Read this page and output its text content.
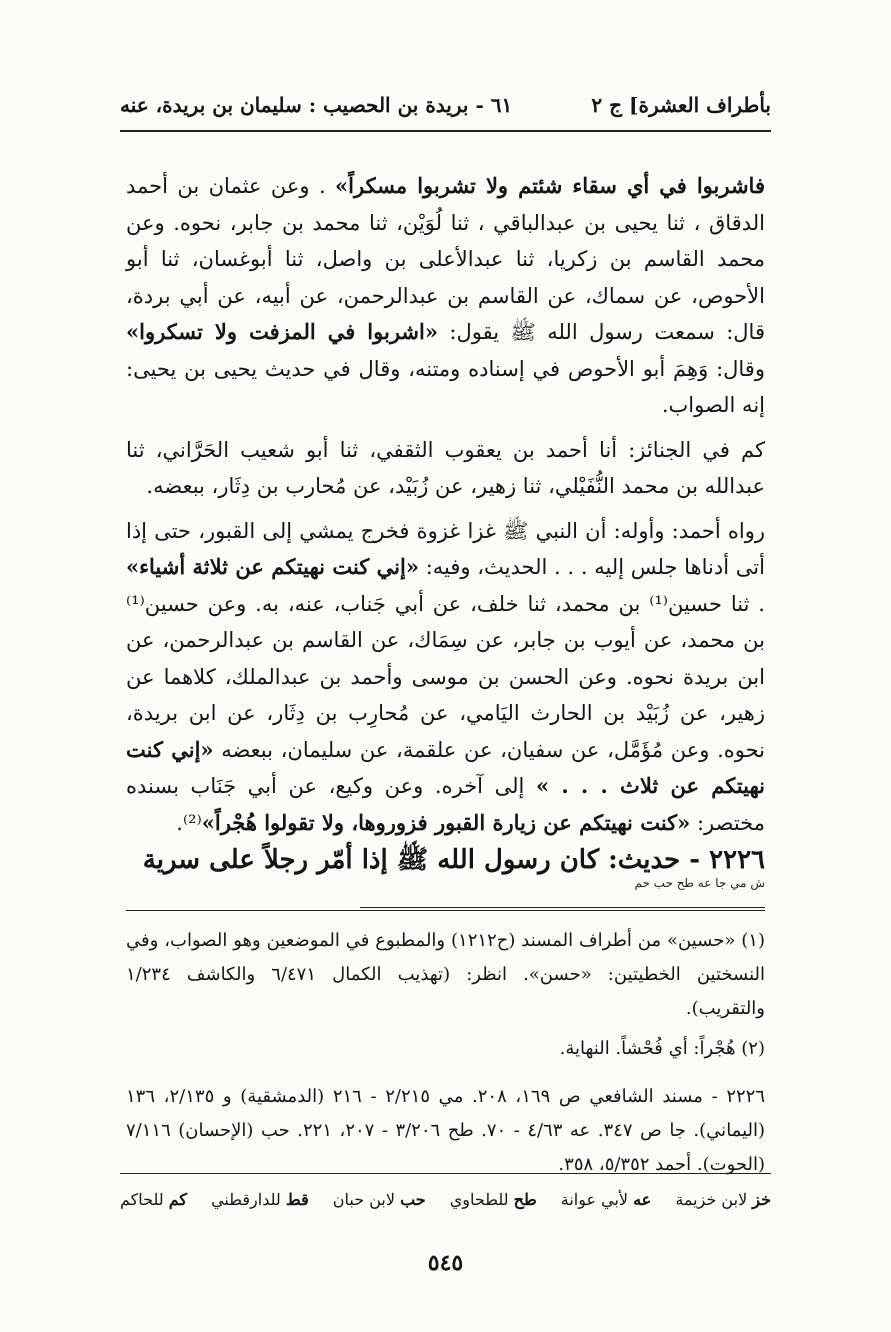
بأطراف العشرة] ج ٢
٦١ - بريدة بن الحصيب : سليمان بن بريدة، عنه

فاشربوا في أي سقاء شئتم ولا تشربوا مسكراً» . وعن عثمان بن أحمد الدقاق ، ثنا يحيى بن عبدالباقي ، ثنا لُوَيْن، ثنا محمد بن جابر، نحوه. وعن محمد القاسم بن زكريا، ثنا عبدالأعلى بن واصل، ثنا أبوغسان، ثنا أبو الأحوص، عن سماك، عن القاسم بن عبدالرحمن، عن أبيه، عن أبي بردة، قال: سمعت رسول الله ﷺ يقول: «اشربوا في المزفت ولا تسكروا» وقال: وَهِمَ أبو الأحوص في إسناده ومتنه، وقال في حديث يحيى بن يحيى: إنه الصواب.

كم في الجنائز: أنا أحمد بن يعقوب الثقفي، ثنا أبو شعيب الحَرَّاني، ثنا عبدالله بن محمد النُّفَيْلي، ثنا زهير، عن زُبَيْد، عن مُحارب بن دِثَار، ببعضه.

رواه أحمد: وأوله: أن النبي ﷺ غزا غزوة فخرج يمشي إلى القبور، حتى إذا أتى أدناها جلس إليه . . . الحديث، وفيه: «إني كنت نهيتكم عن ثلاثة أشياء» . ثنا حسين⁽¹⁾ بن محمد، ثنا خلف، عن أبي جَناب، عنه، به. وعن حسين⁽¹⁾ بن محمد، عن أيوب بن جابر، عن سِمَاك، عن القاسم بن عبدالرحمن، عن ابن بريدة نحوه. وعن الحسن بن موسى وأحمد بن عبدالملك، كلاهما عن زهير، عن زُبَيْد بن الحارث اليَامي، عن مُحارِب بن دِثَار، عن ابن بريدة، نحوه. وعن مُؤَمَّل، عن سفيان، عن علقمة، عن سليمان، ببعضه «إني كنت نهيتكم عن ثلاث . . . » إلى آخره. وعن وكيع، عن أبي جَنَاب بسنده مختصر: «كنت نهيتكم عن زيارة القبور فزوروها، ولا تقولوا هُجْراً»⁽²⁾.

٢٢٢٦ - حديث: كان رسول الله ﷺ إذا أمّر رجلاً على سرية
ش مي جا عه طح حب حم

(١) «حسين» من أطراف المسند (ح١٢١٢) والمطبوع في الموضعين وهو الصواب، وفي النسختين الخطيتين: «حسن». انظر: (تهذيب الكمال ٦/٤٧١ والكاشف ١/٢٣٤ والتقريب).

(٢) هُجْراً: أي فُحْشاً. النهاية.

٢٢٢٦ - مسند الشافعي ص ١٦٩، ٢٠٨. مي ٢/٢١٥ - ٢١٦ (الدمشقية) و ٢/١٣٥، ١٣٦ (اليماني). جا ص ٣٤٧. عه ٤/٦٣ - ٧٠. طح ٣/٢٠٦ - ٢٠٧، ٢٢١. حب (الإحسان) ٧/١١٦ (الحوت). أحمد ٥/٣٥٢، ٣٥٨.

خز لابن خزيمة
عه لأبي عوانة
طح للطحاوي
حب لابن حبان
قط للدارقطني
كم للحاكم
٥٤٥
